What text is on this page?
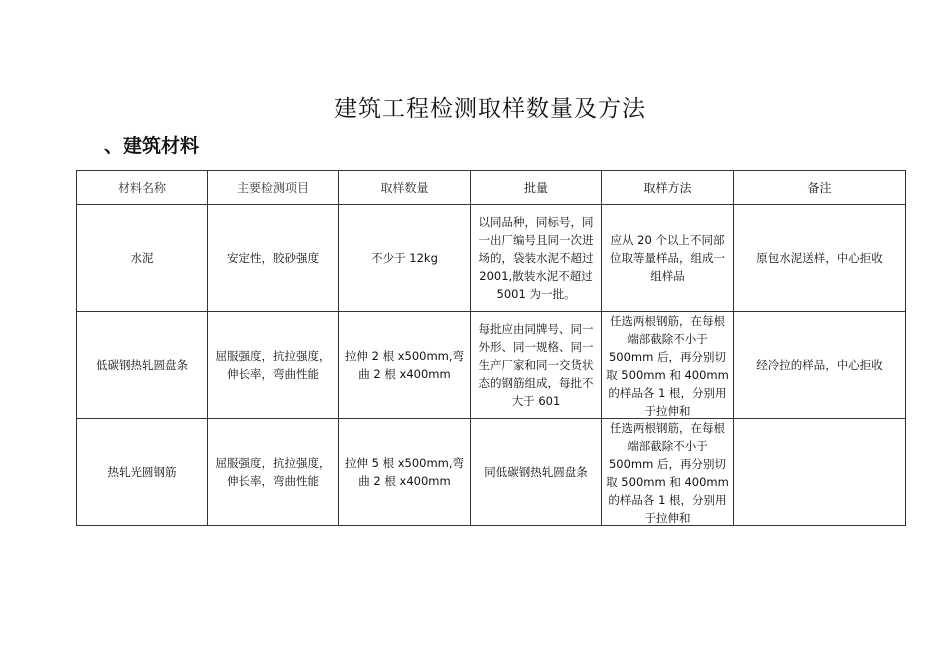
建筑工程检测取样数量及方法
、建筑材料
材料名称	主要检测项目	取样数量	批量	取样方法	备注
水泥	安定性，胶砂强度	不少于 12kg	以同品种，同标号，同一出厂编号且同一次进场的，袋装水泥不超过 2001,散装水泥不超过 5001 为一批。	应从 20 个以上不同部位取等量样品，组成一组样品	原包水泥送样，中心拒收
低碳钢热轧圆盘条	屈服强度，抗拉强度，伸长率，弯曲性能	拉伸 2 根 x500mm,弯曲 2 根 x400mm	每批应由同牌号、同一外形、同一规格、同一生产厂家和同一交货状态的钢筋组成，每批不大于 601	任选两根钢筋，在每根端部截除不小于 500mm 后，再分别切取 500mm 和 400mm 的样品各 1 根，分别用于拉伸和	经冷拉的样品，中心拒收
热轧光圆钢筋	屈服强度，抗拉强度，伸长率，弯曲性能	拉伸 5 根 x500mm,弯曲 2 根 x400mm	同低碳钢热轧圆盘条	任选两根钢筋，在每根端部截除不小于 500mm 后，再分别切取 500mm 和 400mm 的样品各 1 根，分别用于拉伸和	
